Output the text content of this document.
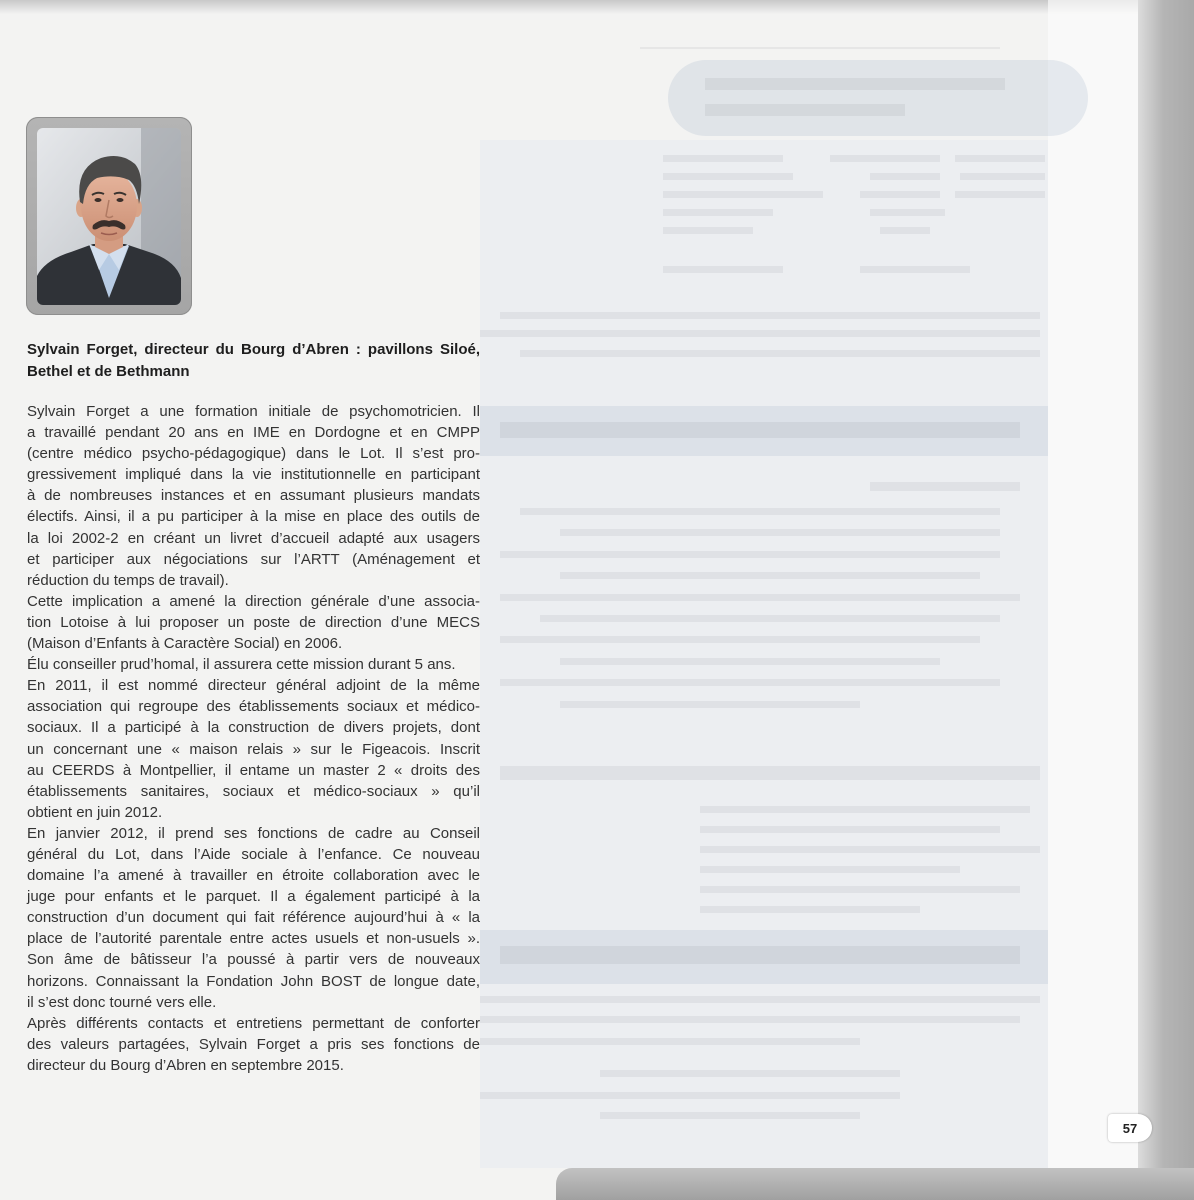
57
Sylvain Forget, directeur du Bourg d’Abren : pavillons Siloé,
Bethel et de Bethmann
Sylvain Forget a une formation initiale de psychomotricien. Il
a travaillé pendant 20 ans en IME en Dordogne et en CMPP
(centre médico psycho-pédagogique) dans le Lot. Il s’est pro-
gressivement impliqué dans la vie institutionnelle en participant
à de nombreuses instances et en assumant plusieurs mandats
électifs. Ainsi, il a pu participer à la mise en place des outils de
la loi 2002-2 en créant un livret d’accueil adapté aux usagers
et participer aux négociations sur l’ARTT (Aménagement et
réduction du temps de travail).
Cette implication a amené la direction générale d’une associa-
tion Lotoise à lui proposer un poste de direction d’une MECS
(Maison d’Enfants à Caractère Social) en 2006.
Élu conseiller prud’homal, il assurera cette mission durant 5 ans.
En 2011, il est nommé directeur général adjoint de la même
association qui regroupe des établissements sociaux et médico-
sociaux. Il a participé à la construction de divers projets, dont
un concernant une « maison relais » sur le Figeacois. Inscrit
au CEERDS à Montpellier, il entame un master 2 « droits des
établissements sanitaires, sociaux et médico-sociaux » qu’il
obtient en juin 2012.
En janvier 2012, il prend ses fonctions de cadre au Conseil
général du Lot, dans l’Aide sociale à l’enfance. Ce nouveau
domaine l’a amené à travailler en étroite collaboration avec le
juge pour enfants et le parquet. Il a également participé à la
construction d’un document qui fait référence aujourd’hui à « la
place de l’autorité parentale entre actes usuels et non-usuels ».
Son âme de bâtisseur l’a poussé à partir vers de nouveaux
horizons. Connaissant la Fondation John BOST de longue date,
il s’est donc tourné vers elle.
Après différents contacts et entretiens permettant de conforter
des valeurs partagées, Sylvain Forget a pris ses fonctions de
directeur du Bourg d’Abren en septembre 2015.
